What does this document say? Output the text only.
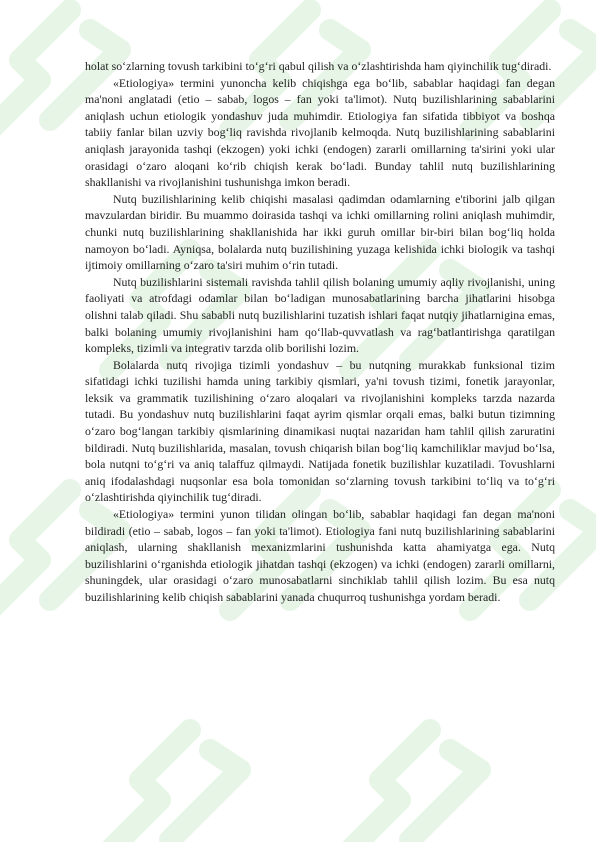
holat so‘zlarning tovush tarkibini to‘g‘ri qabul qilish va o‘zlashtirishda ham qiyinchilik tug‘diradi.

«Etiologiya» termini yunoncha kelib chiqishga ega bo‘lib, sabablar haqidagi fan degan ma'noni anglatadi (etio – sabab, logos – fan yoki ta'limot). Nutq buzilishlarining sabablarini aniqlash uchun etiologik yondashuv juda muhimdir. Etiologiya fan sifatida tibbiyot va boshqa tabiiy fanlar bilan uzviy bog‘liq ravishda rivojlanib kelmoqda. Nutq buzilishlarining sabablarini aniqlash jarayonida tashqi (ekzogen) yoki ichki (endogen) zararli omillarning ta'sirini yoki ular orasidagi o‘zaro aloqani ko‘rib chiqish kerak bo‘ladi. Bunday tahlil nutq buzilishlarining shakllanishi va rivojlanishini tushunishga imkon beradi.

Nutq buzilishlarining kelib chiqishi masalasi qadimdan odamlarning e'tiborini jalb qilgan mavzulardan biridir. Bu muammo doirasida tashqi va ichki omillarning rolini aniqlash muhimdir, chunki nutq buzilishlarining shakllanishida har ikki guruh omillar bir-biri bilan bog‘liq holda namoyon bo‘ladi. Ayniqsa, bolalarda nutq buzilishining yuzaga kelishida ichki biologik va tashqi ijtimoiy omillarning o‘zaro ta'siri muhim o‘rin tutadi.

Nutq buzilishlarini sistemali ravishda tahlil qilish bolaning umumiy aqliy rivojlanishi, uning faoliyati va atrofdagi odamlar bilan bo‘ladigan munosabatlarining barcha jihatlarini hisobga olishni talab qiladi. Shu sababli nutq buzilishlarini tuzatish ishlari faqat nutqiy jihatlarnigina emas, balki bolaning umumiy rivojlanishini ham qo‘llab-quvvatlash va rag‘batlantirishga qaratilgan kompleks, tizimli va integrativ tarzda olib borilishi lozim.

Bolalarda nutq rivojiga tizimli yondashuv – bu nutqning murakkab funksional tizim sifatidagi ichki tuzilishi hamda uning tarkibiy qismlari, ya'ni tovush tizimi, fonetik jarayonlar, leksik va grammatik tuzilishining o‘zaro aloqalari va rivojlanishini kompleks tarzda nazarda tutadi. Bu yondashuv nutq buzilishlarini faqat ayrim qismlar orqali emas, balki butun tizimning o‘zaro bog‘langan tarkibiy qismlarining dinamikasi nuqtai nazaridan ham tahlil qilish zaruratini bildiradi. Nutq buzilishlarida, masalan, tovush chiqarish bilan bog‘liq kamchiliklar mavjud bo‘lsa, bola nutqni to‘g‘ri va aniq talaffuz qilmaydi. Natijada fonetik buzilishlar kuzatiladi. Tovushlarni aniq ifodalashdagi nuqsonlar esa bola tomonidan so‘zlarning tovush tarkibini to‘liq va to‘g‘ri o‘zlashtirishda qiyinchilik tug‘diradi.

«Etiologiya» termini yunon tilidan olingan bo‘lib, sabablar haqidagi fan degan ma'noni bildiradi (etio – sabab, logos – fan yoki ta'limot). Etiologiya fani nutq buzilishlarining sabablarini aniqlash, ularning shakllanish mexanizmlarini tushunishda katta ahamiyatga ega. Nutq buzilishlarini o‘rganishda etiologik jihatdan tashqi (ekzogen) va ichki (endogen) zararli omillarni, shuningdek, ular orasidagi o‘zaro munosabatlarni sinchiklab tahlil qilish lozim. Bu esa nutq buzilishlarining kelib chiqish sabablarini yanada chuqurroq tushunishga yordam beradi.
